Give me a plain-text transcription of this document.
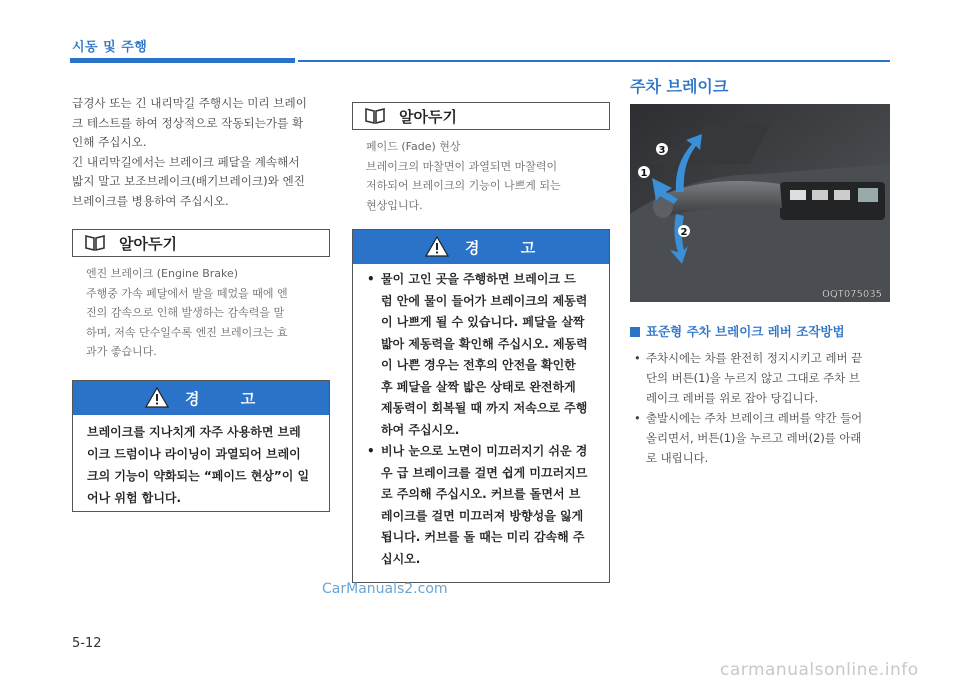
시동 및 주행
급경사 또는 긴 내리막길 주행시는 미리 브레이
크 테스트를 하여 정상적으로 작동되는가를 확
인해 주십시오.
긴 내리막길에서는 브레이크 페달을 계속해서
밟지 말고 보조브레이크(배기브레이크)와 엔진
브레이크를 병용하여 주십시오.
알아두기
엔진 브레이크 (Engine Brake)
주행중 가속 페달에서 발을 떼었을 때에 엔
진의 감속으로 인해 발생하는 감속력을 말
하며, 저속 단수일수록 엔진 브레이크는 효
과가 좋습니다.
경 고
브레이크를 지나치게 자주 사용하면 브레
이크 드럼이나 라이닝이 과열되어 브레이
크의 기능이 약화되는 “페이드 현상”이 일
어나 위험 합니다.
알아두기
페이드 (Fade) 현상
브레이크의 마찰면이 과열되면 마찰력이
저하되어 브레이크의 기능이 나쁘게 되는
현상입니다.
경 고
• 물이 고인 곳을 주행하면 브레이크 드
럼 안에 물이 들어가 브레이크의 제동력
이 나쁘게 될 수 있습니다. 페달을 살짝
밟아 제동력을 확인해 주십시오. 제동력
이 나쁜 경우는 전후의 안전을 확인한
후 페달을 살짝 밟은 상태로 완전하게
제동력이 회복될 때 까지 저속으로 주행
하여 주십시오.
• 비나 눈으로 노면이 미끄러지기 쉬운 경
우 급 브레이크를 걸면 쉽게 미끄러지므
로 주의해 주십시오. 커브를 돌면서 브
레이크를 걸면 미끄러져 방향성을 잃게
됩니다. 커브를 돌 때는 미리 감속해 주
십시오.
주차 브레이크
1
2
3
OQT075035
표준형 주차 브레이크 레버 조작방법
• 주차시에는 차를 완전히 정지시키고 레버 끝
단의 버튼(1)을 누르지 않고 그대로 주차 브
레이크 레버를 위로 잡아 당깁니다.
• 출발시에는 주차 브레이크 레버를 약간 들어
올리면서, 버튼(1)을 누르고 레버(2)를 아래
로 내립니다.
CarManuals2.com
5-12
carmanualsonline.info
